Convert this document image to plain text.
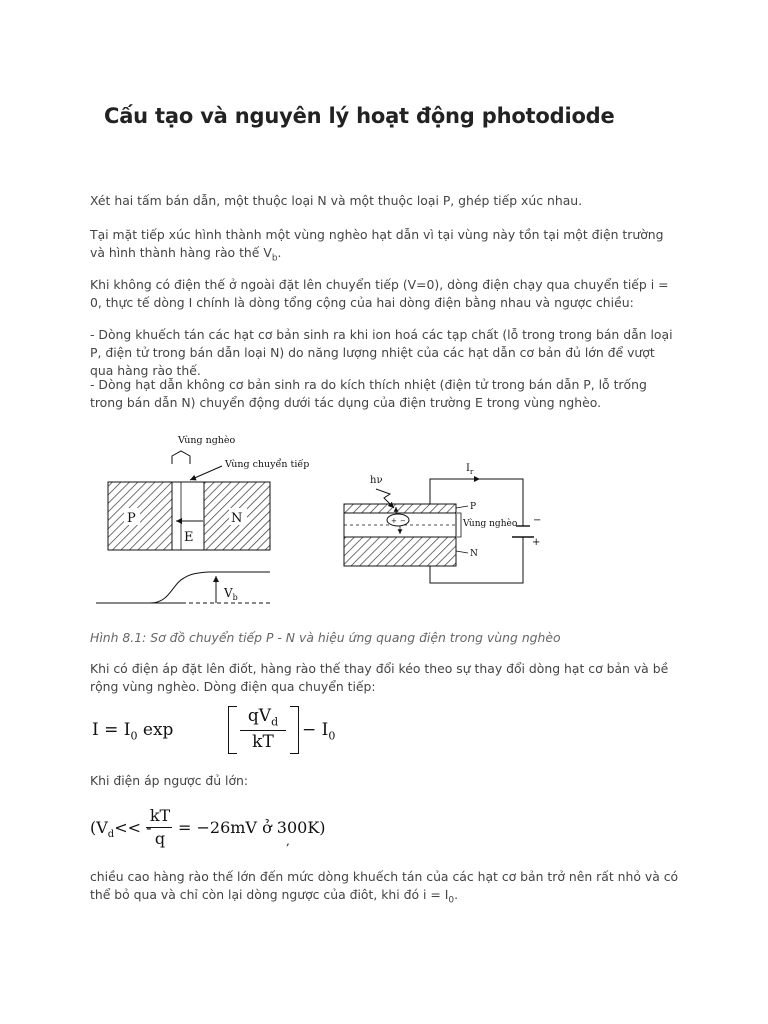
Cấu tạo và nguyên lý hoạt động photodiode

Xét hai tấm bán dẫn, một thuộc loại N và một thuộc loại P, ghép tiếp xúc nhau.

Tại mặt tiếp xúc hình thành một vùng nghèo hạt dẫn vì tại vùng này tồn tại một điện trường và hình thành hàng rào thế $V_b$.

Khi không có điện thế ở ngoài đặt lên chuyển tiếp (V=0), dòng điện chạy qua chuyển tiếp i = 0, thực tế dòng I chính là dòng tổng cộng của hai dòng điện bằng nhau và ngược chiều:

- Dòng khuếch tán các hạt cơ bản sinh ra khi ion hoá các tạp chất (lỗ trong trong bán dẫn loại P, điện tử trong bán dẫn loại N) do năng lượng nhiệt của các hạt dẫn cơ bản đủ lớn để vượt qua hàng rào thế.

- Dòng hạt dẫn không cơ bản sinh ra do kích thích nhiệt (điện tử trong bán dẫn P, lỗ trống trong bán dẫn N) chuyển động dưới tác dụng của điện trường E trong vùng nghèo.

Vùng nghèo
Vùng chuyển tiếp
P	N
E
$V_b$
−
+
$I_r$
+ −
hν
P
Vùng nghèo
N

Hình 8.1: Sơ đồ chuyển tiếp P - N và hiệu ứng quang điện trong vùng nghèo

Khi có điện áp đặt lên điốt, hàng rào thế thay đổi kéo theo sự thay đổi dòng hạt cơ bản và bề rộng vùng nghèo. Dòng điện qua chuyển tiếp:

$I = I_0$ exp
$qV_d$
kT
− $I_0$

Khi điện áp ngược đủ lớn:

($V_d<<$ -
kT
q
= −26mV ở 300K)
,

chiều cao hàng rào thế lớn đến mức dòng khuếch tán của các hạt cơ bản trở nên rất nhỏ và có thể bỏ qua và chỉ còn lại dòng ngược của điôt, khi đó $i = I_0$.
